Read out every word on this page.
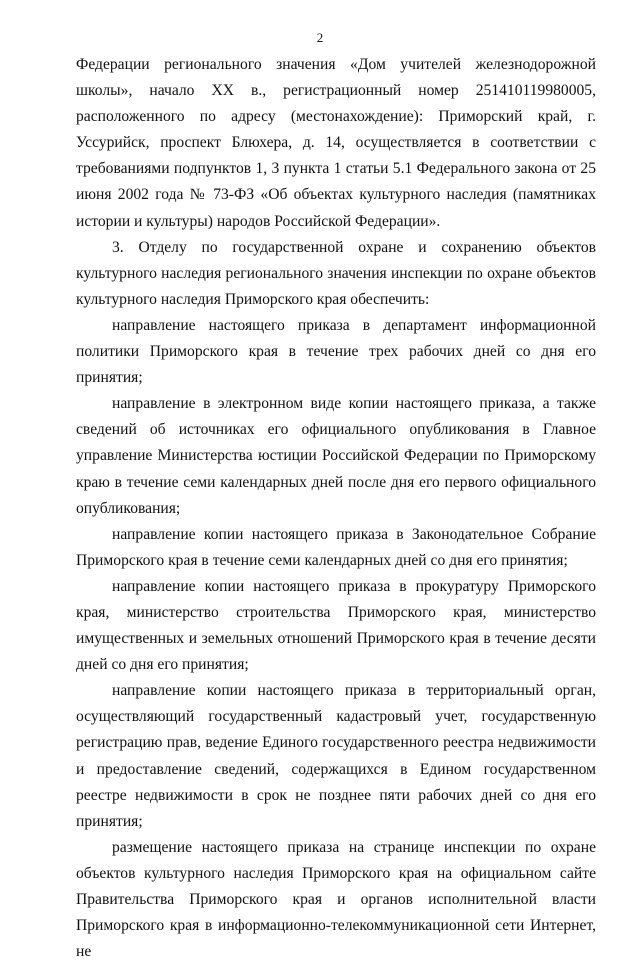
2

Федерации регионального значения «Дом учителей железнодорожной школы», начало XX в., регистрационный номер 251410119980005, расположенного по адресу (местонахождение): Приморский край, г. Уссурийск, проспект Блюхера, д. 14, осуществляется в соответствии с требованиями подпунктов 1, 3 пункта 1 статьи 5.1 Федерального закона от 25 июня 2002 года № 73-ФЗ «Об объектах культурного наследия (памятниках истории и культуры) народов Российской Федерации».

3. Отделу по государственной охране и сохранению объектов культурного наследия регионального значения инспекции по охране объектов культурного наследия Приморского края обеспечить:

направление настоящего приказа в департамент информационной политики Приморского края в течение трех рабочих дней со дня его принятия;

направление в электронном виде копии настоящего приказа, а также сведений об источниках его официального опубликования в Главное управление Министерства юстиции Российской Федерации по Приморскому краю в течение семи календарных дней после дня его первого официального опубликования;

направление копии настоящего приказа в Законодательное Собрание Приморского края в течение семи календарных дней со дня его принятия;

направление копии настоящего приказа в прокуратуру Приморского края, министерство строительства Приморского края, министерство имущественных и земельных отношений Приморского края в течение десяти дней со дня его принятия;

направление копии настоящего приказа в территориальный орган, осуществляющий государственный кадастровый учет, государственную регистрацию прав, ведение Единого государственного реестра недвижимости и предоставление сведений, содержащихся в Едином государственном реестре недвижимости в срок не позднее пяти рабочих дней со дня его принятия;

размещение настоящего приказа на странице инспекции по охране объектов культурного наследия Приморского края на официальном сайте Правительства Приморского края и органов исполнительной власти Приморского края в информационно-телекоммуникационной сети Интернет, не
